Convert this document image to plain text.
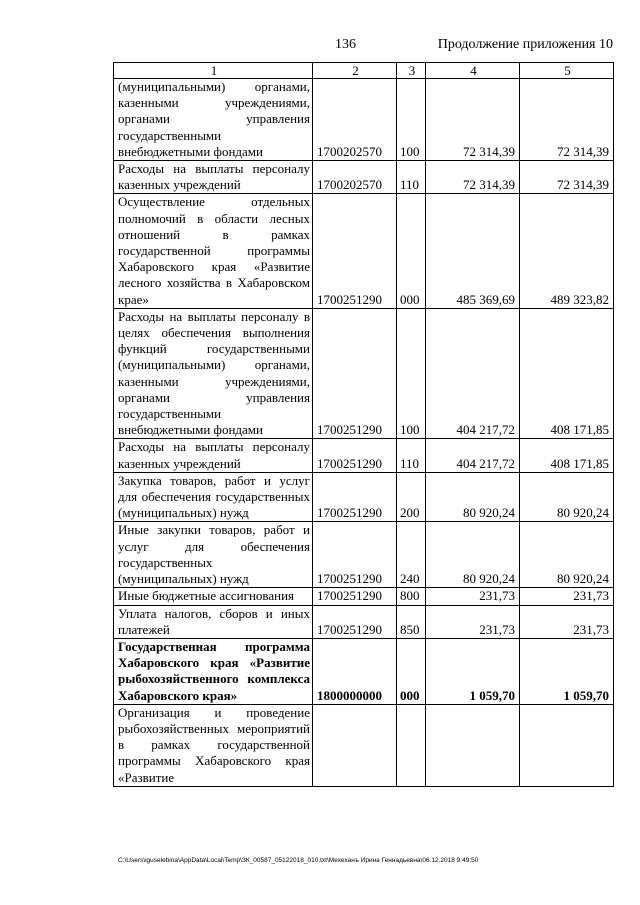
136	Продолжение приложения 10
1	2	3	4	5
(муниципальными) органами, казенными учреждениями, органами управления государственными внебюджетными фондами	1700202570	100	72 314,39	72 314,39
Расходы на выплаты персоналу казенных учреждений	1700202570	110	72 314,39	72 314,39
Осуществление отдельных полномочий в области лесных отношений в рамках государственной программы Хабаровского края «Развитие лесного хозяйства в Хабаровском крае»	1700251290	000	485 369,69	489 323,82
Расходы на выплаты персоналу в целях обеспечения выполнения функций государственными (муниципальными) органами, казенными учреждениями, органами управления государственными внебюджетными фондами	1700251290	100	404 217,72	408 171,85
Расходы на выплаты персоналу казенных учреждений	1700251290	110	404 217,72	408 171,85
Закупка товаров, работ и услуг для обеспечения государственных (муниципальных) нужд	1700251290	200	80 920,24	80 920,24
Иные закупки товаров, работ и услуг для обеспечения государственных (муниципальных) нужд	1700251290	240	80 920,24	80 920,24
Иные бюджетные ассигнования	1700251290	800	231,73	231,73
Уплата налогов, сборов и иных платежей	1700251290	850	231,73	231,73
Государственная программа Хабаровского края «Развитие рыбохозяйственного комплекса Хабаровского края»	1800000000	000	1 059,70	1 059,70
Организация и проведение рыбохозяйственных мероприятий в рамках государственной программы Хабаровского края «Развитие				
C:\Users\iguselebina\AppData\Local\Temp\ЗК_00587_05122018_010.txt\Мехеханъ Ирина Геннадьевна\06.12.2018 9:49:50
